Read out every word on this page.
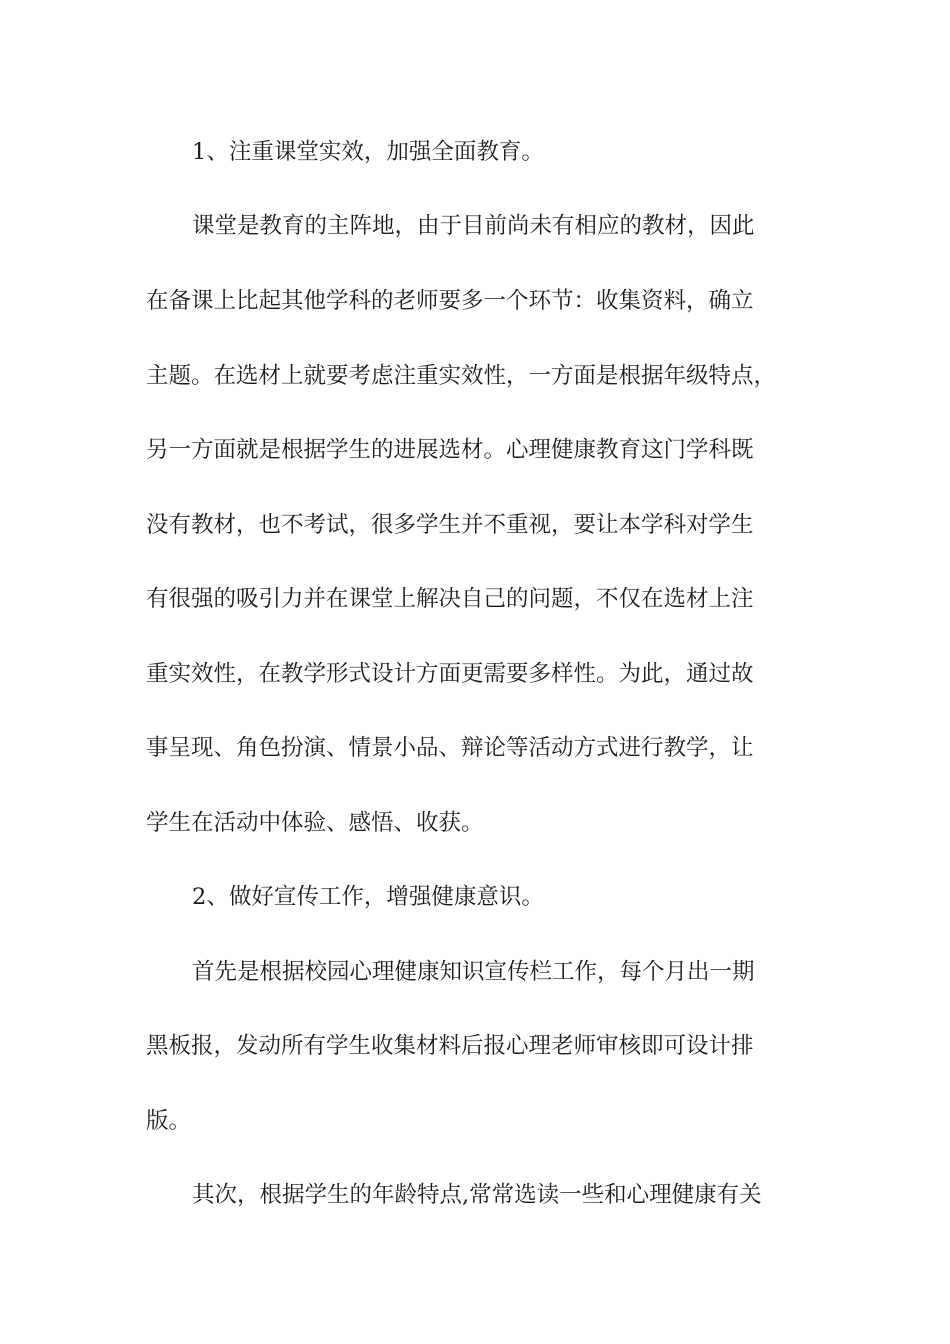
1、注重课堂实效，加强全面教育。

课堂是教育的主阵地，由于目前尚未有相应的教材，因此

在备课上比起其他学科的老师要多一个环节：收集资料，确立

主题。在选材上就要考虑注重实效性，一方面是根据年级特点，

另一方面就是根据学生的进展选材。心理健康教育这门学科既

没有教材，也不考试，很多学生并不重视，要让本学科对学生

有很强的吸引力并在课堂上解决自己的问题，不仅在选材上注

重实效性，在教学形式设计方面更需要多样性。为此，通过故

事呈现、角色扮演、情景小品、辩论等活动方式进行教学，让

学生在活动中体验、感悟、收获。

2、做好宣传工作，增强健康意识。

首先是根据校园心理健康知识宣传栏工作，每个月出一期

黑板报，发动所有学生收集材料后报心理老师审核即可设计排

版。

其次，根据学生的年龄特点,常常选读一些和心理健康有关
